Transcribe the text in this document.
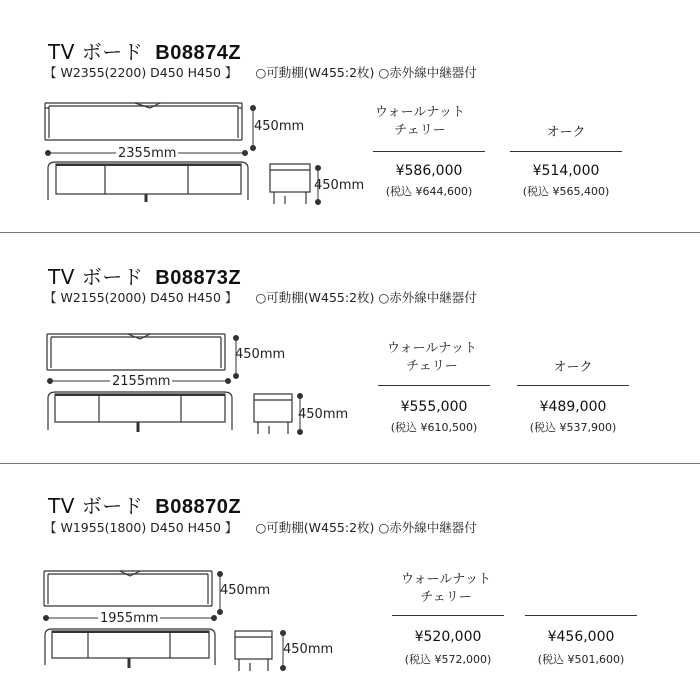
TV ボード B08874Z
【 W2355(2200) D450 H450 】 ○可動棚(W455:2枚) ○赤外線中継器付
450mm
2355mm
450mm
ウォールナット
チェリー
¥586,000
(税込 ¥644,600)
オーク
¥514,000
(税込 ¥565,400)
TV ボード B08873Z
【 W2155(2000) D450 H450 】 ○可動棚(W455:2枚) ○赤外線中継器付
450mm
2155mm
450mm
ウォールナット
チェリー
¥555,000
(税込 ¥610,500)
オーク
¥489,000
(税込 ¥537,900)
TV ボード B08870Z
【 W1955(1800) D450 H450 】 ○可動棚(W455:2枚) ○赤外線中継器付
450mm
1955mm
450mm
ウォールナット
チェリー
¥520,000
(税込 ¥572,000)
¥456,000
(税込 ¥501,600)
